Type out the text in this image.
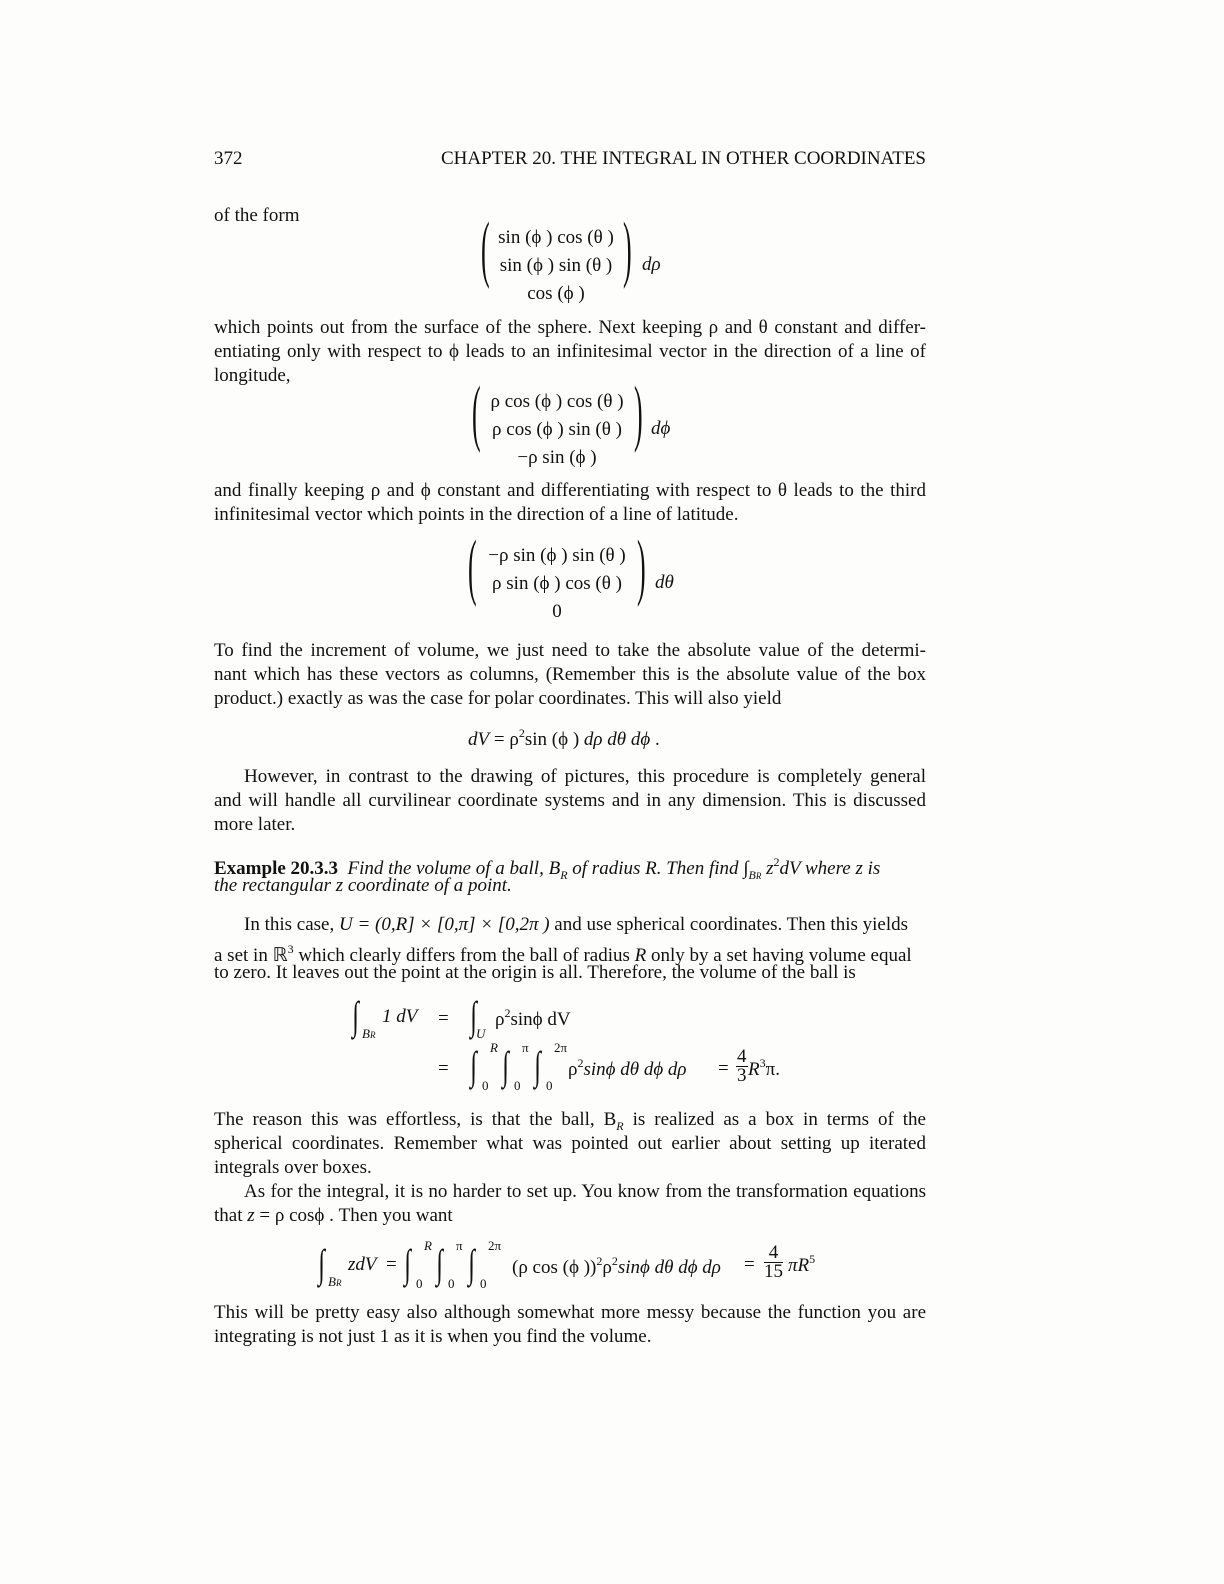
372	CHAPTER 20. THE INTEGRAL IN OTHER COORDINATES
of the form	( sin (ϕ ) cos (θ )
sin (ϕ ) sin (θ )
cos (ϕ )
) dρ
which points out from the surface of the sphere. Next keeping ρ and θ constant and differ-
entiating only with respect to ϕ leads to an infinitesimal vector in the direction of a line of
longitude,	( ρ cos (ϕ ) cos (θ )
ρ cos (ϕ ) sin (θ )
−ρ sin (ϕ )
) dϕ
and finally keeping ρ and ϕ constant and differentiating with respect to θ leads to the third
infinitesimal vector which points in the direction of a line of latitude.
( −ρ sin (ϕ ) sin (θ )
ρ sin (ϕ ) cos (θ )
0
) dθ
To find the increment of volume, we just need to take the absolute value of the determi-
nant which has these vectors as columns, (Remember this is the absolute value of the box
product.) exactly as was the case for polar coordinates. This will also yield
dV = $\rho^2\sin$ (ϕ ) dρ dθ dϕ .
However, in contrast to the drawing of pictures, this procedure is completely general
and will handle all curvilinear coordinate systems and in any dimension. This is discussed
more later.
Example 20.3.3 Find the volume of a ball, $B_R$ of radius R. Then find $\int_{BR}$ $z^2dV$ where z is
the rectangular z coordinate of a point.
In this case, U = (0,R] × [0,π] × [0,2π ) and use spherical coordinates. Then this yields
a set in ℝ$^3$ which clearly differs from the ball of radius R only by a set having volume equal
to zero. It leaves out the point at the origin is all. Therefore, the volume of the ball is
∫ BR
1 dV = ∫ U
$\rho^2\sin\phi$ dV
= ∫ R
0 ∫ π
0 ∫ 2π
0
$\rho^2\sin\phi$ dθ dϕ $d\rho = \frac{4}{3} R^3\pi$.
The reason this was effortless, is that the ball, $B_R$ is realized as a box in terms of the
spherical coordinates. Remember what was pointed out earlier about setting up iterated
integrals over boxes.
As for the integral, it is no harder to set up. You know from the transformation equations
that z = ρ cosϕ . Then you want
∫ BR
zdV = ∫ R
0 ∫ π
0 ∫ 2π
0
(ρ cos (ϕ ))$^2\rho^2\sin\phi$ dθ dϕ $d\rho = \frac{4}{15} \pi R^5$
This will be pretty easy also although somewhat more messy because the function you are
integrating is not just 1 as it is when you find the volume.
